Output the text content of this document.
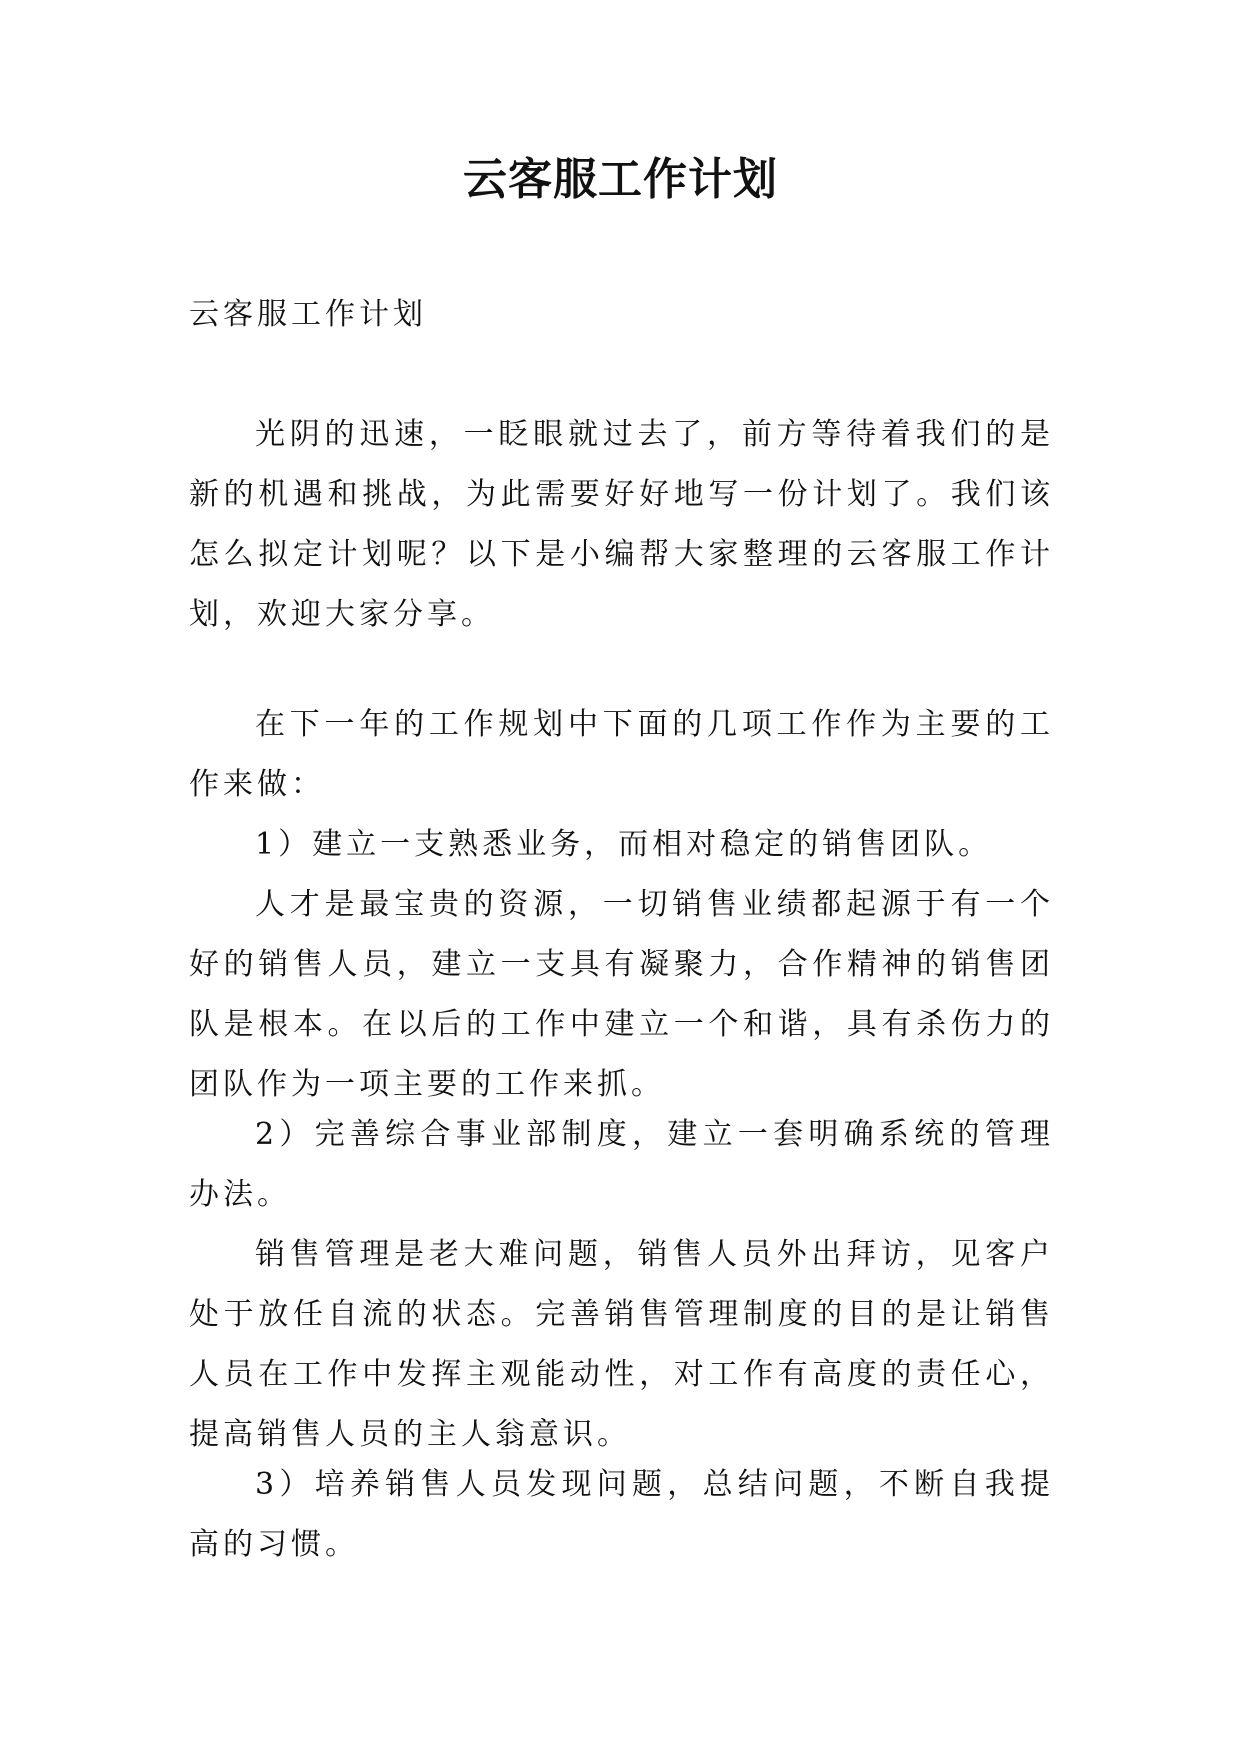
云客服工作计划

云客服工作计划

光阴的迅速，一眨眼就过去了，前方等待着我们的是新的机遇和挑战，为此需要好好地写一份计划了。我们该怎么拟定计划呢？以下是小编帮大家整理的云客服工作计划，欢迎大家分享。

在下一年的工作规划中下面的几项工作作为主要的工作来做：

1）建立一支熟悉业务，而相对稳定的销售团队。

人才是最宝贵的资源，一切销售业绩都起源于有一个好的销售人员，建立一支具有凝聚力，合作精神的销售团队是根本。在以后的工作中建立一个和谐，具有杀伤力的团队作为一项主要的工作来抓。

2）完善综合事业部制度，建立一套明确系统的管理办法。

销售管理是老大难问题，销售人员外出拜访，见客户处于放任自流的状态。完善销售管理制度的目的是让销售人员在工作中发挥主观能动性，对工作有高度的责任心，提高销售人员的主人翁意识。

3）培养销售人员发现问题，总结问题，不断自我提高的习惯。
